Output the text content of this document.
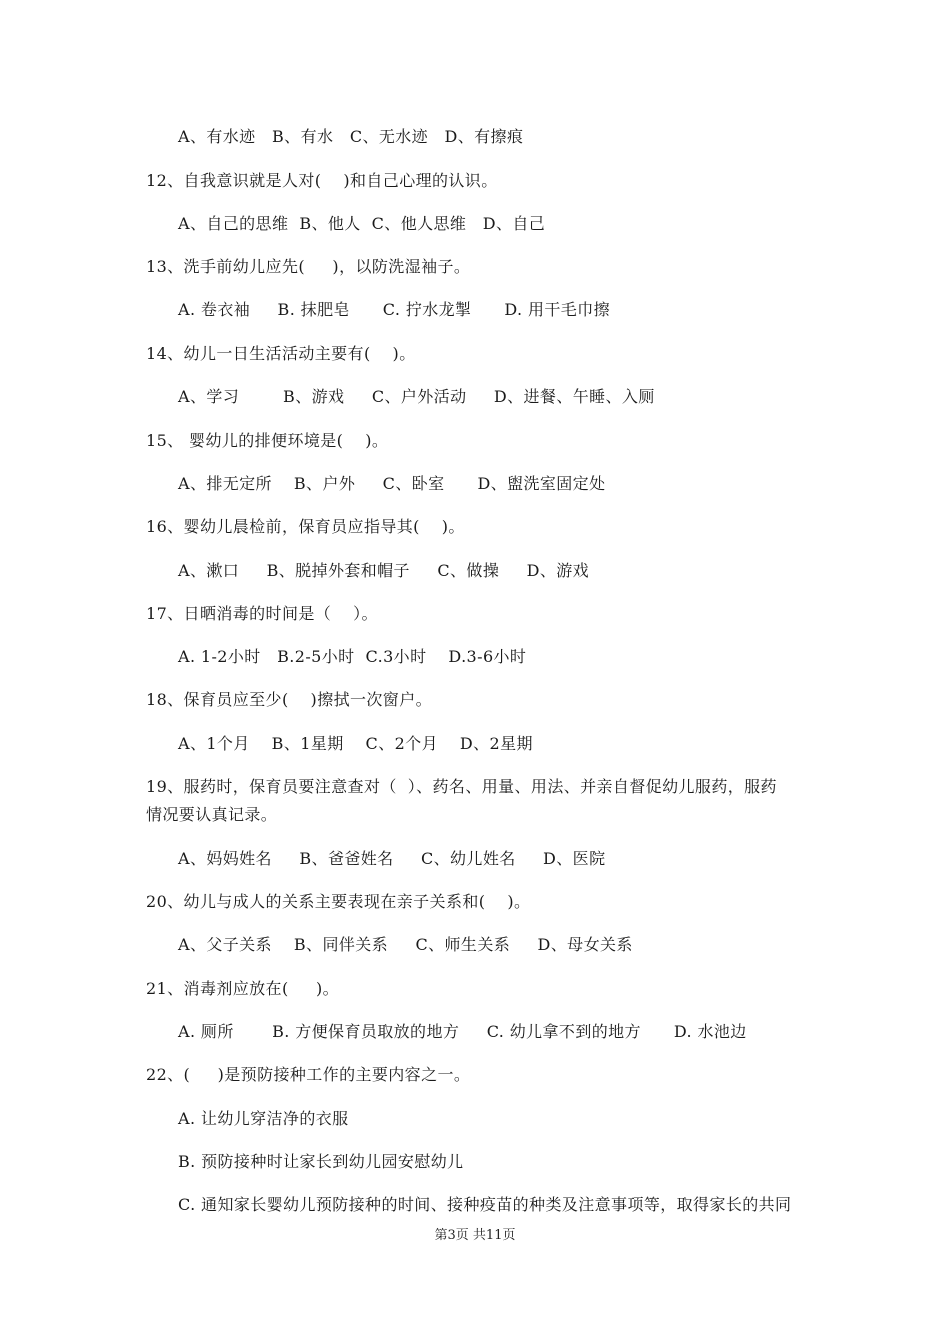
A、有水迹   B、有水   C、无水迹   D、有擦痕
12、自我意识就是人对(    )和自己心理的认识。
A、自己的思维  B、他人  C、他人思维   D、自己
13、洗手前幼儿应先(     )，以防洗湿袖子。
A. 卷衣袖     B. 抹肥皂      C. 拧水龙掣      D. 用干毛巾擦
14、幼儿一日生活活动主要有(    )。
A、学习        B、游戏     C、户外活动     D、进餐、午睡、入厕
15、 婴幼儿的排便环境是(    )。
A、排无定所    B、户外     C、卧室      D、盥洗室固定处
16、婴幼儿晨检前，保育员应指导其(    )。
A、漱口     B、脱掉外套和帽子     C、做操     D、游戏
17、日晒消毒的时间是（    ）。
A. 1-2小时   B.2-5小时  C.3小时    D.3-6小时
18、保育员应至少(    )擦拭一次窗户。
A、1个月    B、1星期    C、2个月    D、2星期
19、服药时，保育员要注意查对（  ）、药名、用量、用法、并亲自督促幼儿服药，服药
情况要认真记录。
A、妈妈姓名     B、爸爸姓名     C、幼儿姓名     D、医院
20、幼儿与成人的关系主要表现在亲子关系和(    )。
A、父子关系    B、同伴关系     C、师生关系     D、母女关系
21、消毒剂应放在(     )。
A. 厕所       B. 方便保育员取放的地方     C. 幼儿拿不到的地方      D. 水池边
22、(     )是预防接种工作的主要内容之一。
A. 让幼儿穿洁净的衣服
B. 预防接种时让家长到幼儿园安慰幼儿
C. 通知家长婴幼儿预防接种的时间、接种疫苗的种类及注意事项等，取得家长的共同
第3页 共11页
